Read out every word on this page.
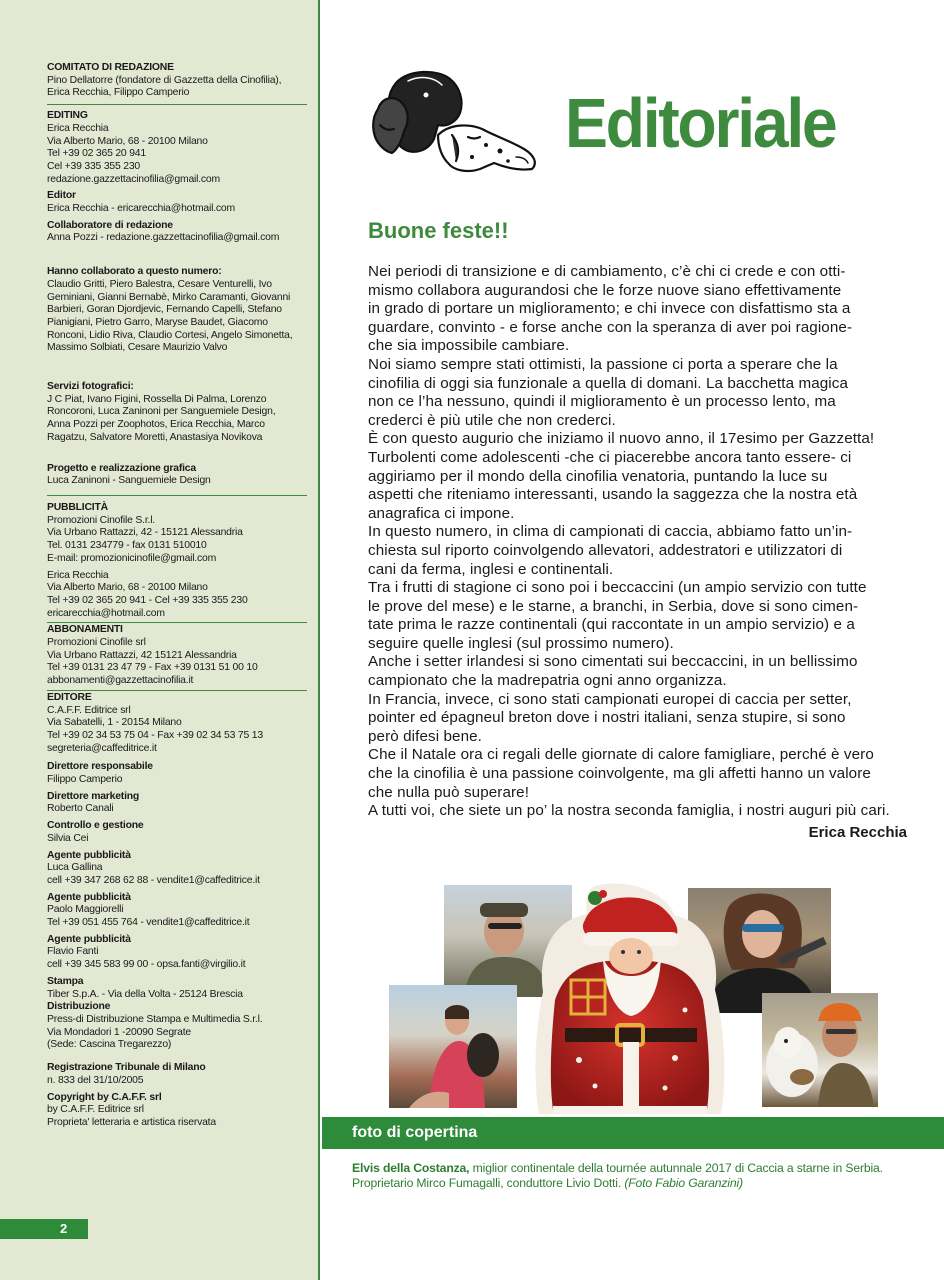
COMITATO DI REDAZIONE
Pino Dellatorre (fondatore di Gazzetta della Cinofilia),
Erica Recchia, Filippo Camperio
EDITING
Erica Recchia
Via Alberto Mario, 68 - 20100 Milano
Tel +39 02 365 20 941
Cel +39 335 355 230
redazione.gazzettacinofilia@gmail.com
Editor
Erica Recchia - ericarecchia@hotmail.com
Collaboratore di redazione
Anna Pozzi - redazione.gazzettacinofilia@gmail.com
Hanno collaborato a questo numero:
Claudio Gritti, Piero Balestra, Cesare Venturelli, Ivo
Geminiani, Gianni Bernabè, Mirko Caramanti, Giovanni
Barbieri, Goran Djordjevic, Fernando Capelli, Stefano
Pianigiani, Pietro Garro, Maryse Baudet, Giacomo
Ronconi, Lidio Riva, Claudio Cortesi, Angelo Simonetta,
Massimo Solbiati, Cesare Maurizio Valvo
Servizi fotografici:
J C Piat, Ivano Figini, Rossella Di Palma, Lorenzo
Roncoroni, Luca Zaninoni per Sanguemiele Design,
Anna Pozzi per Zoophotos, Erica Recchia, Marco
Ragatzu, Salvatore Moretti, Anastasiya Novikova
Progetto e realizzazione grafica
Luca Zaninoni - Sanguemiele Design
PUBBLICITÀ
Promozioni Cinofile S.r.l.
Via Urbano Rattazzi, 42 - 15121 Alessandria
Tel. 0131 234779 - fax 0131 510010
E-mail: promozionicinofile@gmail.com
Erica Recchia
Via Alberto Mario, 68 - 20100 Milano
Tel +39 02 365 20 941 - Cel +39 335 355 230
ericarecchia@hotmail.com
ABBONAMENTI
Promozioni Cinofile srl
Via Urbano Rattazzi, 42 15121 Alessandria
Tel +39 0131 23 47 79 - Fax +39 0131 51 00 10
abbonamenti@gazzettacinofilia.it
EDITORE
C.A.F.F. Editrice srl
Via Sabatelli, 1 - 20154 Milano
Tel +39 02 34 53 75 04 - Fax +39 02 34 53 75 13
segreteria@caffeditrice.it
Direttore responsabile
Filippo Camperio
Direttore marketing
Roberto Canali
Controllo e gestione
Silvia Cei
Agente pubblicità
Luca Gallina
cell +39 347 268 62 88 - vendite1@caffeditrice.it
Agente pubblicità
Paolo Maggiorelli
Tel +39 051 455 764 - vendite1@caffeditrice.it
Agente pubblicità
Flavio Fanti
cell +39 345 583 99 00 - opsa.fanti@virgilio.it
Stampa
Tiber S.p.A. - Via della Volta - 25124 Brescia
Distribuzione
Press-di Distribuzione Stampa e Multimedia S.r.l.
Via Mondadori 1 -20090 Segrate
(Sede: Cascina Tregarezzo)
Registrazione Tribunale di Milano
n. 833 del 31/10/2005
Copyright by C.A.F.F. srl
by C.A.F.F. Editrice srl
Proprieta' letteraria e artistica riservata
2
Editoriale
Buone feste!!

Nei periodi di transizione e di cambiamento, c’è chi ci crede e con otti-

mismo collabora augurandosi che le forze nuove siano effettivamente

in grado di portare un miglioramento; e chi invece con disfattismo sta a

guardare, convinto - e forse anche con la speranza di aver poi ragione-

che sia impossibile cambiare.

Noi siamo sempre stati ottimisti, la passione ci porta a sperare che la

cinofilia di oggi sia funzionale a quella di domani. La bacchetta magica

non ce l’ha nessuno, quindi il miglioramento è un processo lento, ma

crederci è più utile che non crederci.

È con questo augurio che iniziamo il nuovo anno, il 17esimo per Gazzetta!

Turbolenti come adolescenti -che ci piacerebbe ancora tanto essere- ci

aggiriamo per il mondo della cinofilia venatoria, puntando la luce su

aspetti che riteniamo interessanti, usando la saggezza che la nostra età

anagrafica ci impone.

In questo numero, in clima di campionati di caccia, abbiamo fatto un’in-

chiesta sul riporto coinvolgendo allevatori, addestratori e utilizzatori di

cani da ferma, inglesi e continentali.

Tra i frutti di stagione ci sono poi i beccaccini (un ampio servizio con tutte

le prove del mese) e le starne, a branchi, in Serbia, dove si sono cimen-

tate prima le razze continentali (qui raccontate in un ampio servizio) e a

seguire quelle inglesi (sul prossimo numero).

Anche i setter irlandesi si sono cimentati sui beccaccini, in un bellissimo

campionato che la madrepatria ogni anno organizza.

In Francia, invece, ci sono stati campionati europei di caccia per setter,

pointer ed épagneul breton dove i nostri italiani, senza stupire, si sono

però difesi bene.

Che il Natale ora ci regali delle giornate di calore famigliare, perché è vero

che la cinofilia è una passione coinvolgente, ma gli affetti hanno un valore

che nulla può superare!

A tutti voi, che siete un po’ la nostra seconda famiglia, i nostri auguri più cari.

Erica Recchia
foto di copertina
Elvis della Costanza, miglior continentale della tournée autunnale 2017 di Caccia a starne in Serbia.
Proprietario Mirco Fumagalli, conduttore Livio Dotti. (Foto Fabio Garanzini)
